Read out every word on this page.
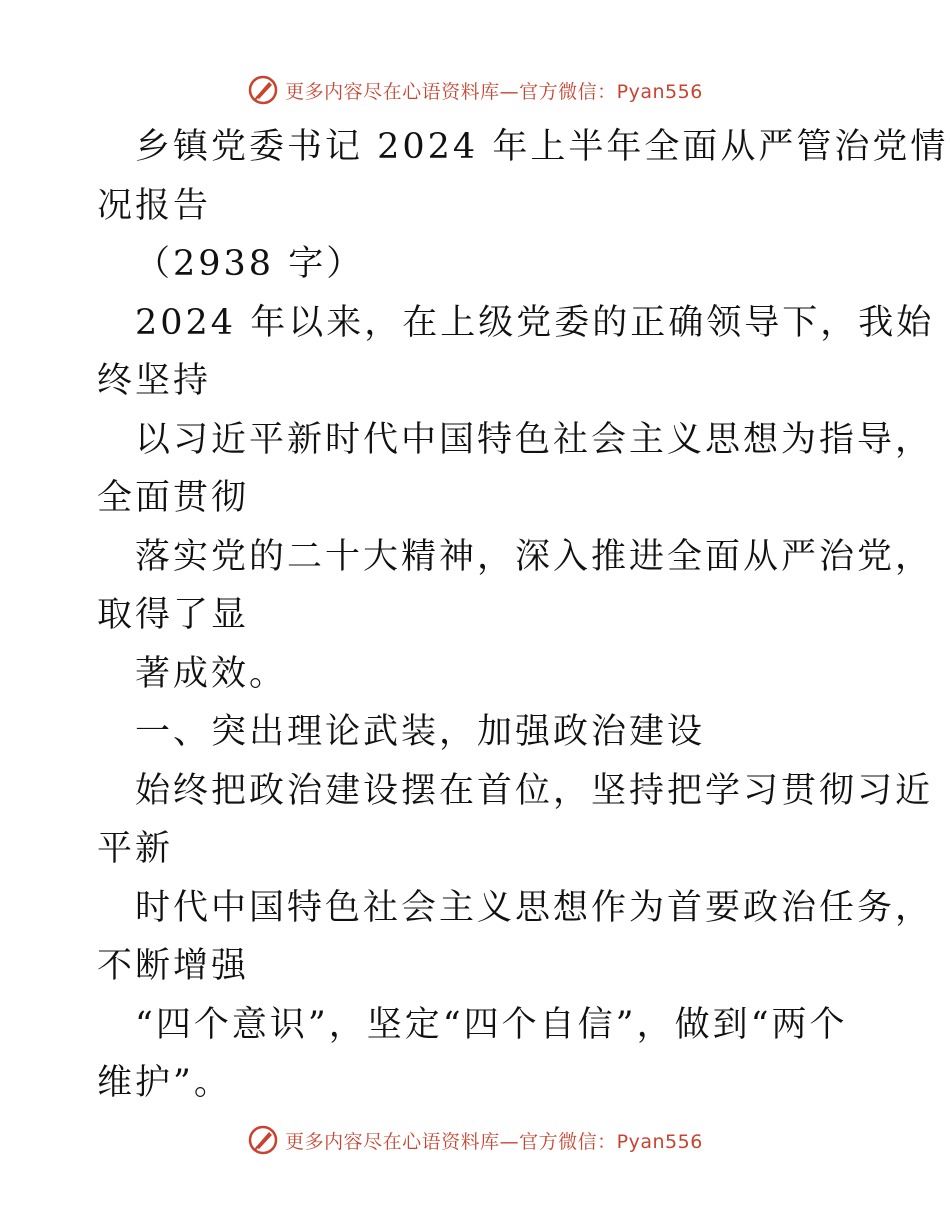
更多内容尽在心语资料库—官方微信：Pyan556
乡镇党委书记 2024 年上半年全面从严管治党情
况报告
（2938 字）
2024 年以来，在上级党委的正确领导下，我始
终坚持
以习近平新时代中国特色社会主义思想为指导，
全面贯彻
落实党的二十大精神，深入推进全面从严治党，
取得了显
著成效。
一、突出理论武装，加强政治建设
始终把政治建设摆在首位，坚持把学习贯彻习近
平新
时代中国特色社会主义思想作为首要政治任务，
不断增强
“四个意识”，坚定“四个自信”，做到“两个
维护”。
更多内容尽在心语资料库—官方微信：Pyan556
